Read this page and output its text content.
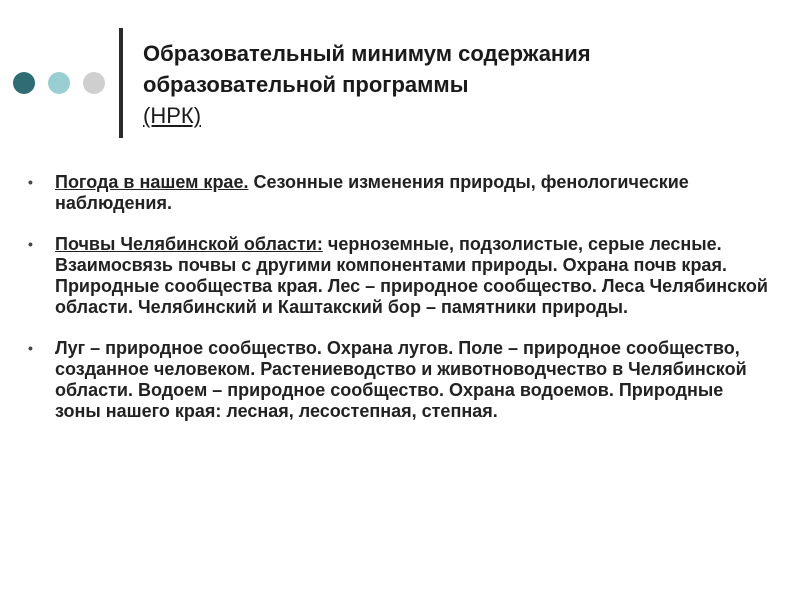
Образовательный минимум содержания
образовательной программы
(НРК)
• Погода в нашем крае. Сезонные изменения природы, фенологические наблюдения.
• Почвы Челябинской области: черноземные, подзолистые, серые лесные. Взаимосвязь почвы с другими компонентами природы. Охрана почв края. Природные сообщества края. Лес – природное сообщество. Леса Челябинской области. Челябинский и Каштакский бор – памятники природы.
• Луг – природное сообщество. Охрана лугов. Поле – природное сообщество, созданное человеком. Растениеводство и животноводчество в Челябинской области. Водоем – природное сообщество. Охрана водоемов. Природные зоны нашего края: лесная, лесостепная, степная.
